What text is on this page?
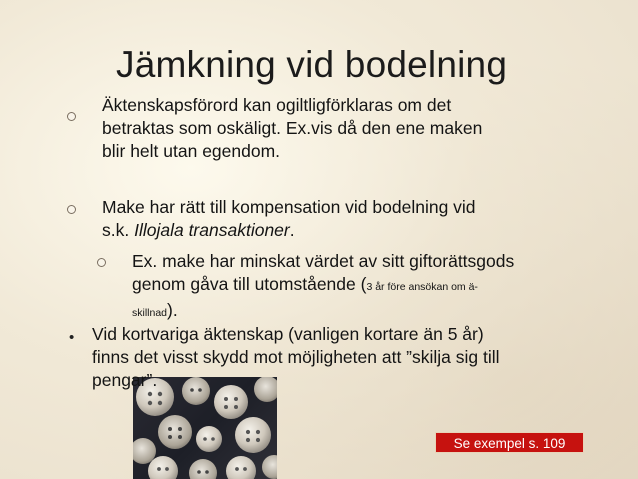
Jämkning vid bodelning
Äktenskapsförord kan ogiltligförklaras om det
betraktas som oskäligt. Ex.vis då den ene maken
blir helt utan egendom.
Make har rätt till kompensation vid bodelning vid
s.k. Illojala transaktioner.
Ex. make har minskat värdet av sitt giftorättsgods
genom gåva till utomstående (3 år före ansökan om ä-
skillnad).
• Vid kortvariga äktenskap (vanligen kortare än 5 år)
finns det visst skydd mot möjligheten att ”skilja sig till
pengar”.
Se exempel s. 109
